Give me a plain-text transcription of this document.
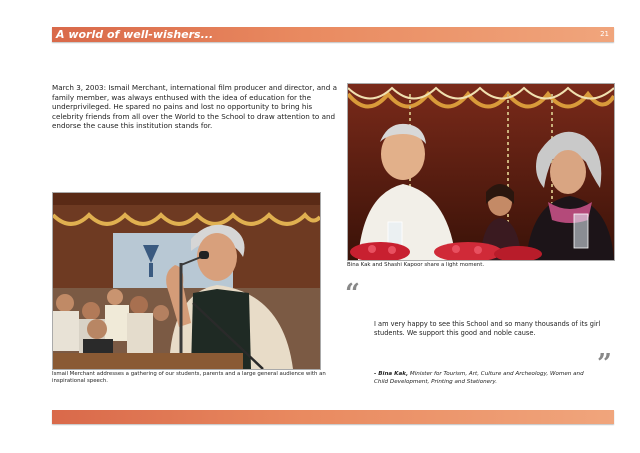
A world of well-wishers...	21

March 3, 2003: Ismail Merchant, international film producer and director, and a family member, was always enthused with the idea of education for the underprivileged. He spared no pains and lost no opportunity to bring his celebrity friends from all over the World to the School to draw attention to and endorse the cause this institution stands for.

Bina Kak and Shashi Kapoor share a light moment.
Ismail Merchant addresses a gathering of our students, parents and a large general audience with an inspirational speech.
“

I am very happy to see this School and so many thousands of its girl students. We support this good and noble cause.

- Bina Kak, Minister for Tourism, Art, Culture and Archeology, Women and Child Development, Printing and Stationery.
”
